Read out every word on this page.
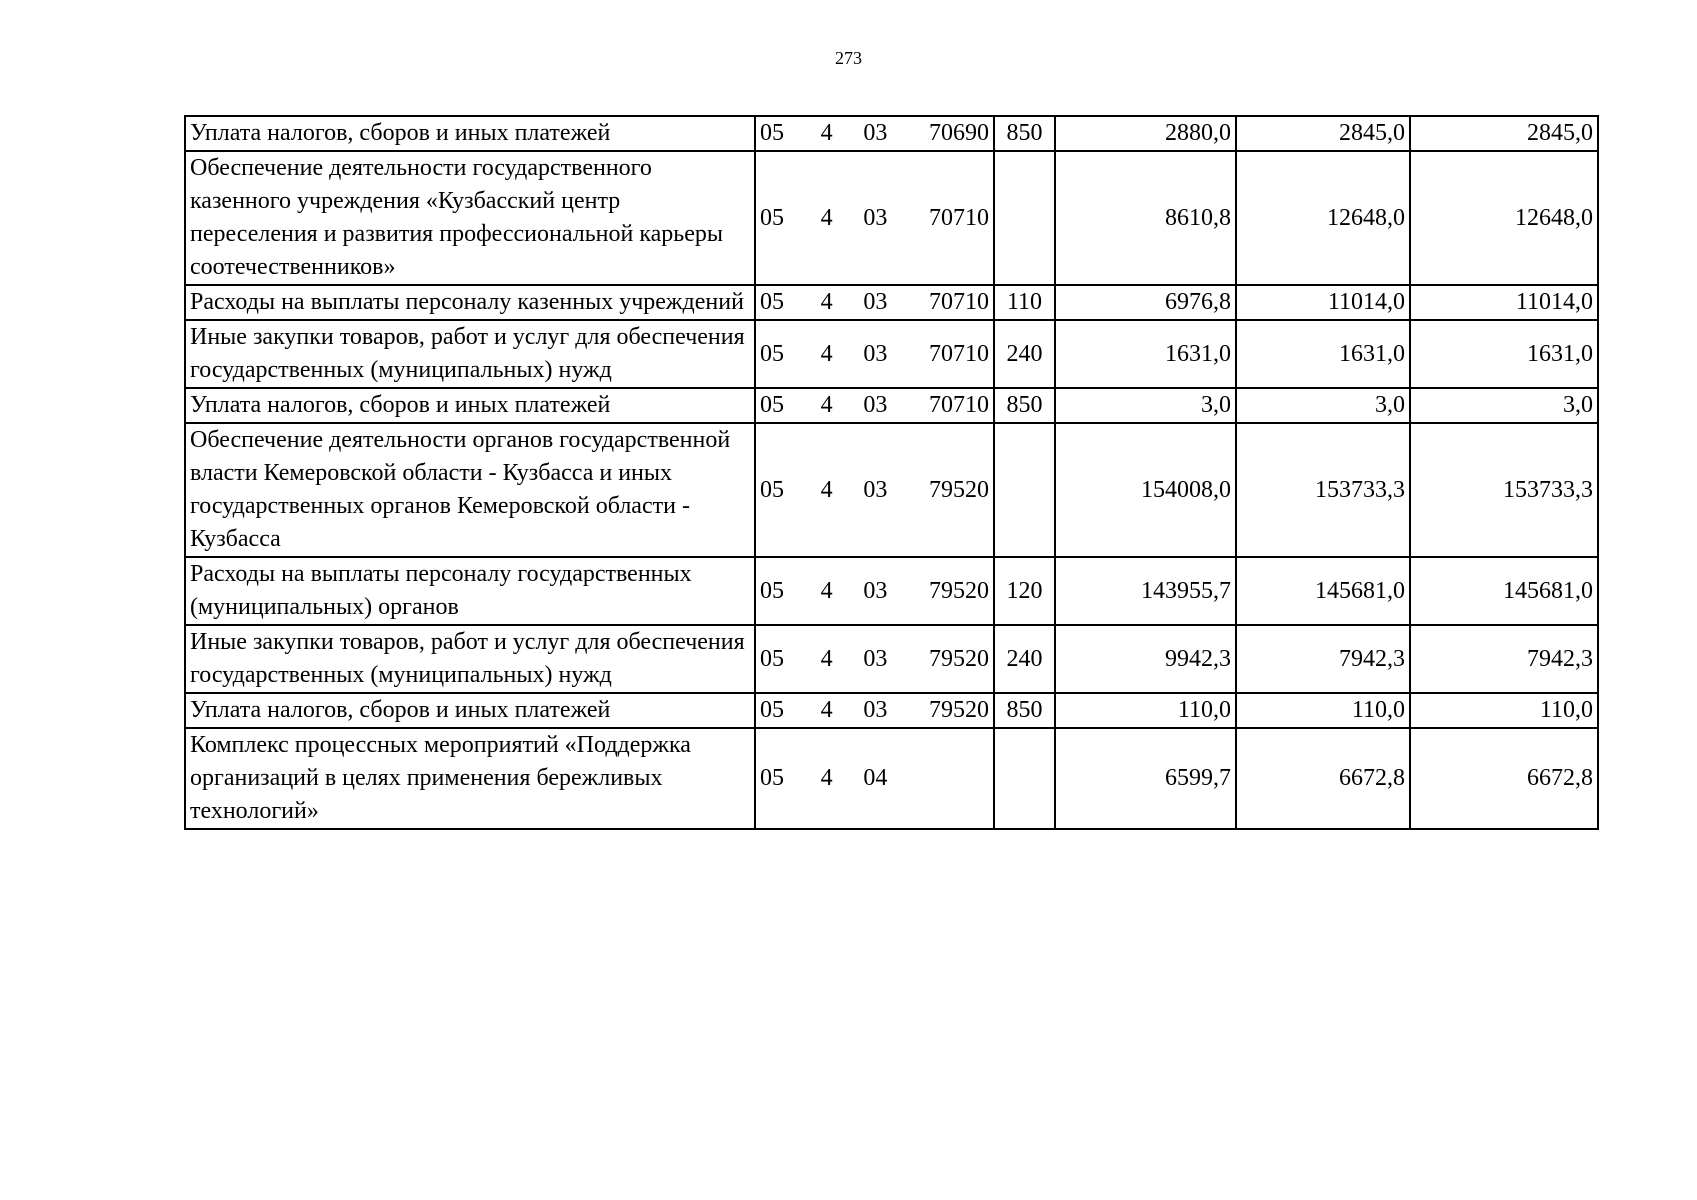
273
Уплата налогов, сборов и иных платежей	05 4 03 70690	850	2880,0	2845,0	2845,0
Обеспечение деятельности государственного казенного учреждения «Кузбасский центр переселения и развития профессиональной карьеры соотечественников»	05 4 03 70710		8610,8	12648,0	12648,0
Расходы на выплаты персоналу казенных учреждений	05 4 03 70710	110	6976,8	11014,0	11014,0
Иные закупки товаров, работ и услуг для обеспечения государственных (муниципальных) нужд	05 4 03 70710	240	1631,0	1631,0	1631,0
Уплата налогов, сборов и иных платежей	05 4 03 70710	850	3,0	3,0	3,0
Обеспечение деятельности органов государственной власти Кемеровской области - Кузбасса и иных государственных органов Кемеровской области - Кузбасса	05 4 03 79520		154008,0	153733,3	153733,3
Расходы на выплаты персоналу государственных (муниципальных) органов	05 4 03 79520	120	143955,7	145681,0	145681,0
Иные закупки товаров, работ и услуг для обеспечения государственных (муниципальных) нужд	05 4 03 79520	240	9942,3	7942,3	7942,3
Уплата налогов, сборов и иных платежей	05 4 03 79520	850	110,0	110,0	110,0
Комплекс процессных мероприятий «Поддержка организаций в целях применения бережливых технологий»	05 4 04		6599,7	6672,8	6672,8
